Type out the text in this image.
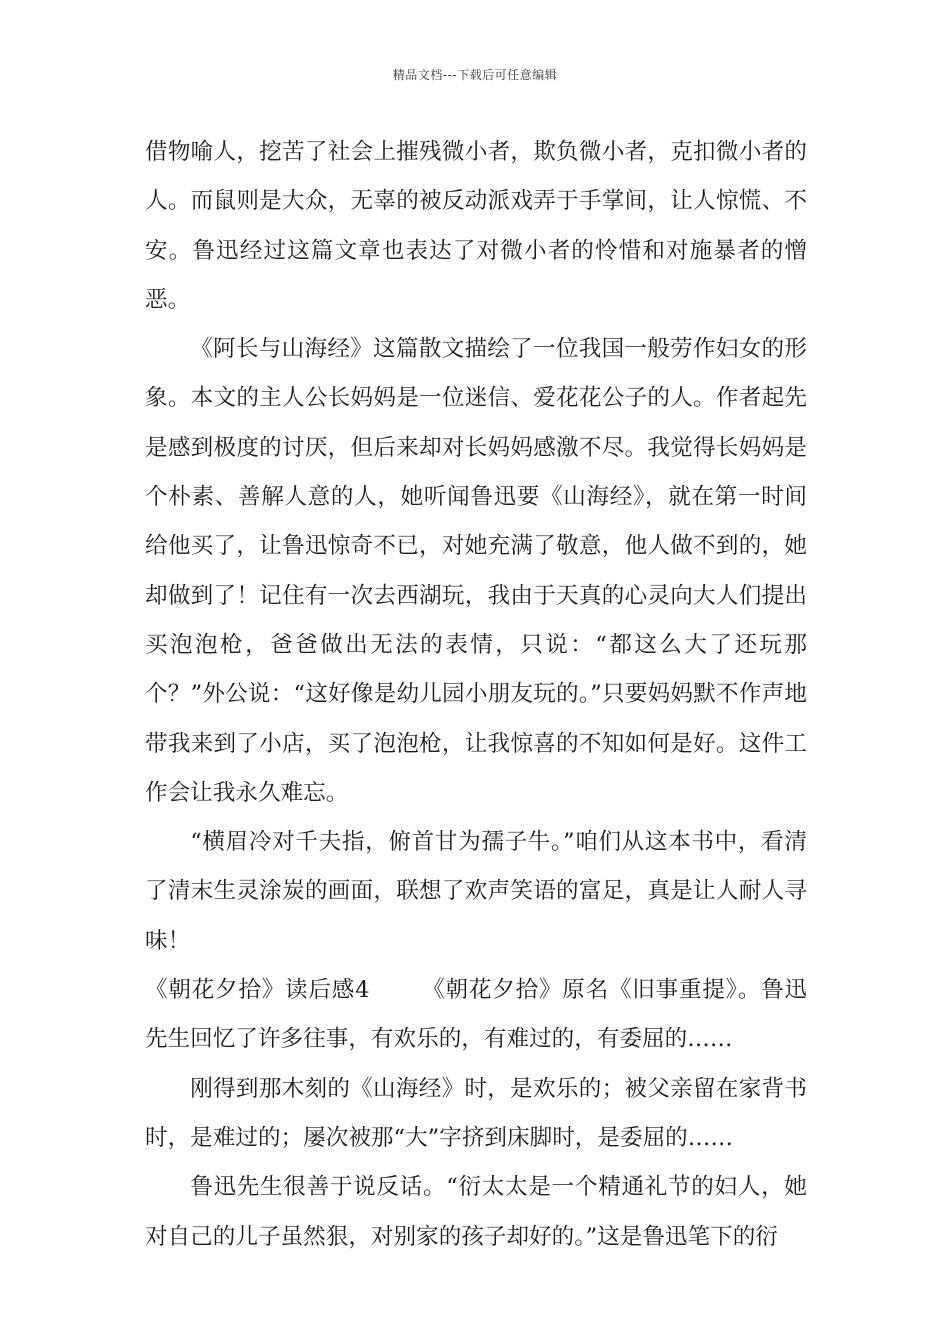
精品文档---下载后可任意编辑

借物喻人，挖苦了社会上摧残微小者，欺负微小者，克扣微小者的人。而鼠则是大众，无辜的被反动派戏弄于手掌间，让人惊慌、不安。鲁迅经过这篇文章也表达了对微小者的怜惜和对施暴者的憎恶。

《阿长与山海经》这篇散文描绘了一位我国一般劳作妇女的形象。本文的主人公长妈妈是一位迷信、爱花花公子的人。作者起先是感到极度的讨厌，但后来却对长妈妈感激不尽。我觉得长妈妈是个朴素、善解人意的人，她听闻鲁迅要《山海经》，就在第一时间给他买了，让鲁迅惊奇不已，对她充满了敬意，他人做不到的，她却做到了！记住有一次去西湖玩，我由于天真的心灵向大人们提出买泡泡枪，爸爸做出无法的表情，只说：“都这么大了还玩那个？”外公说：“这好像是幼儿园小朋友玩的。”只要妈妈默不作声地带我来到了小店，买了泡泡枪，让我惊喜的不知如何是好。这件工作会让我永久难忘。

“横眉冷对千夫指，俯首甘为孺子牛。”咱们从这本书中，看清了清末生灵涂炭的画面，联想了欢声笑语的富足，真是让人耐人寻味！

《朝花夕拾》读后感4 《朝花夕拾》原名《旧事重提》。鲁迅先生回忆了许多往事，有欢乐的，有难过的，有委屈的……

刚得到那木刻的《山海经》时，是欢乐的；被父亲留在家背书时，是难过的；屡次被那“大”字挤到床脚时，是委屈的……

鲁迅先生很善于说反话。“衍太太是一个精通礼节的妇人，她对自己的儿子虽然狠，对别家的孩子却好的。”这是鲁迅笔下的衍
